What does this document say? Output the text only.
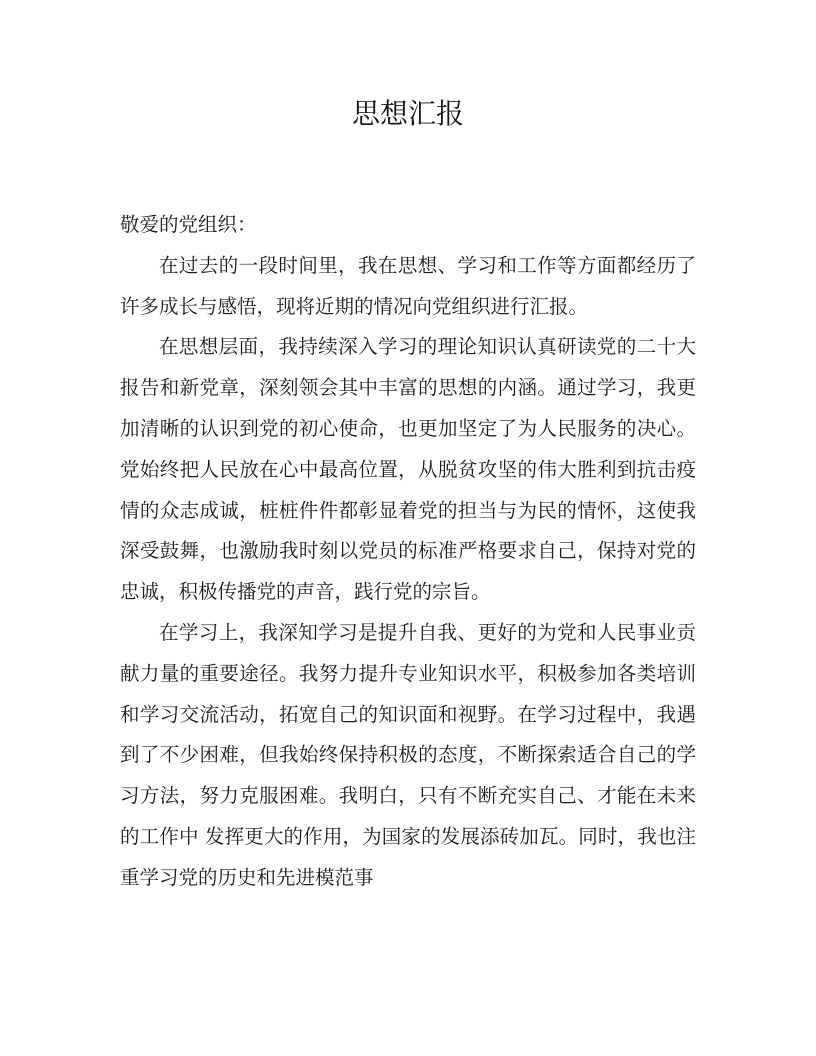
思想汇报

敬爱的党组织：

在过去的一段时间里，我在思想、学习和工作等方面都经历了许多成长与感悟，现将近期的情况向党组织进行汇报。

在思想层面，我持续深入学习的理论知识认真研读党的二十大报告和新党章，深刻领会其中丰富的思想的内涵。通过学习，我更加清晰的认识到党的初心使命，也更加坚定了为人民服务的决心。党始终把人民放在心中最高位置，从脱贫攻坚的伟大胜利到抗击疫情的众志成诚，桩桩件件都彰显着党的担当与为民的情怀，这使我深受鼓舞，也激励我时刻以党员的标准严格要求自己，保持对党的忠诚，积极传播党的声音，践行党的宗旨。

在学习上，我深知学习是提升自我、更好的为党和人民事业贡献力量的重要途径。我努力提升专业知识水平，积极参加各类培训和学习交流活动，拓宽自己的知识面和视野。在学习过程中，我遇到了不少困难，但我始终保持积极的态度，不断探索适合自己的学习方法，努力克服困难。我明白，只有不断充实自己、才能在未来的工作中 发挥更大的作用，为国家的发展添砖加瓦。同时，我也注重学习党的历史和先进模范事
